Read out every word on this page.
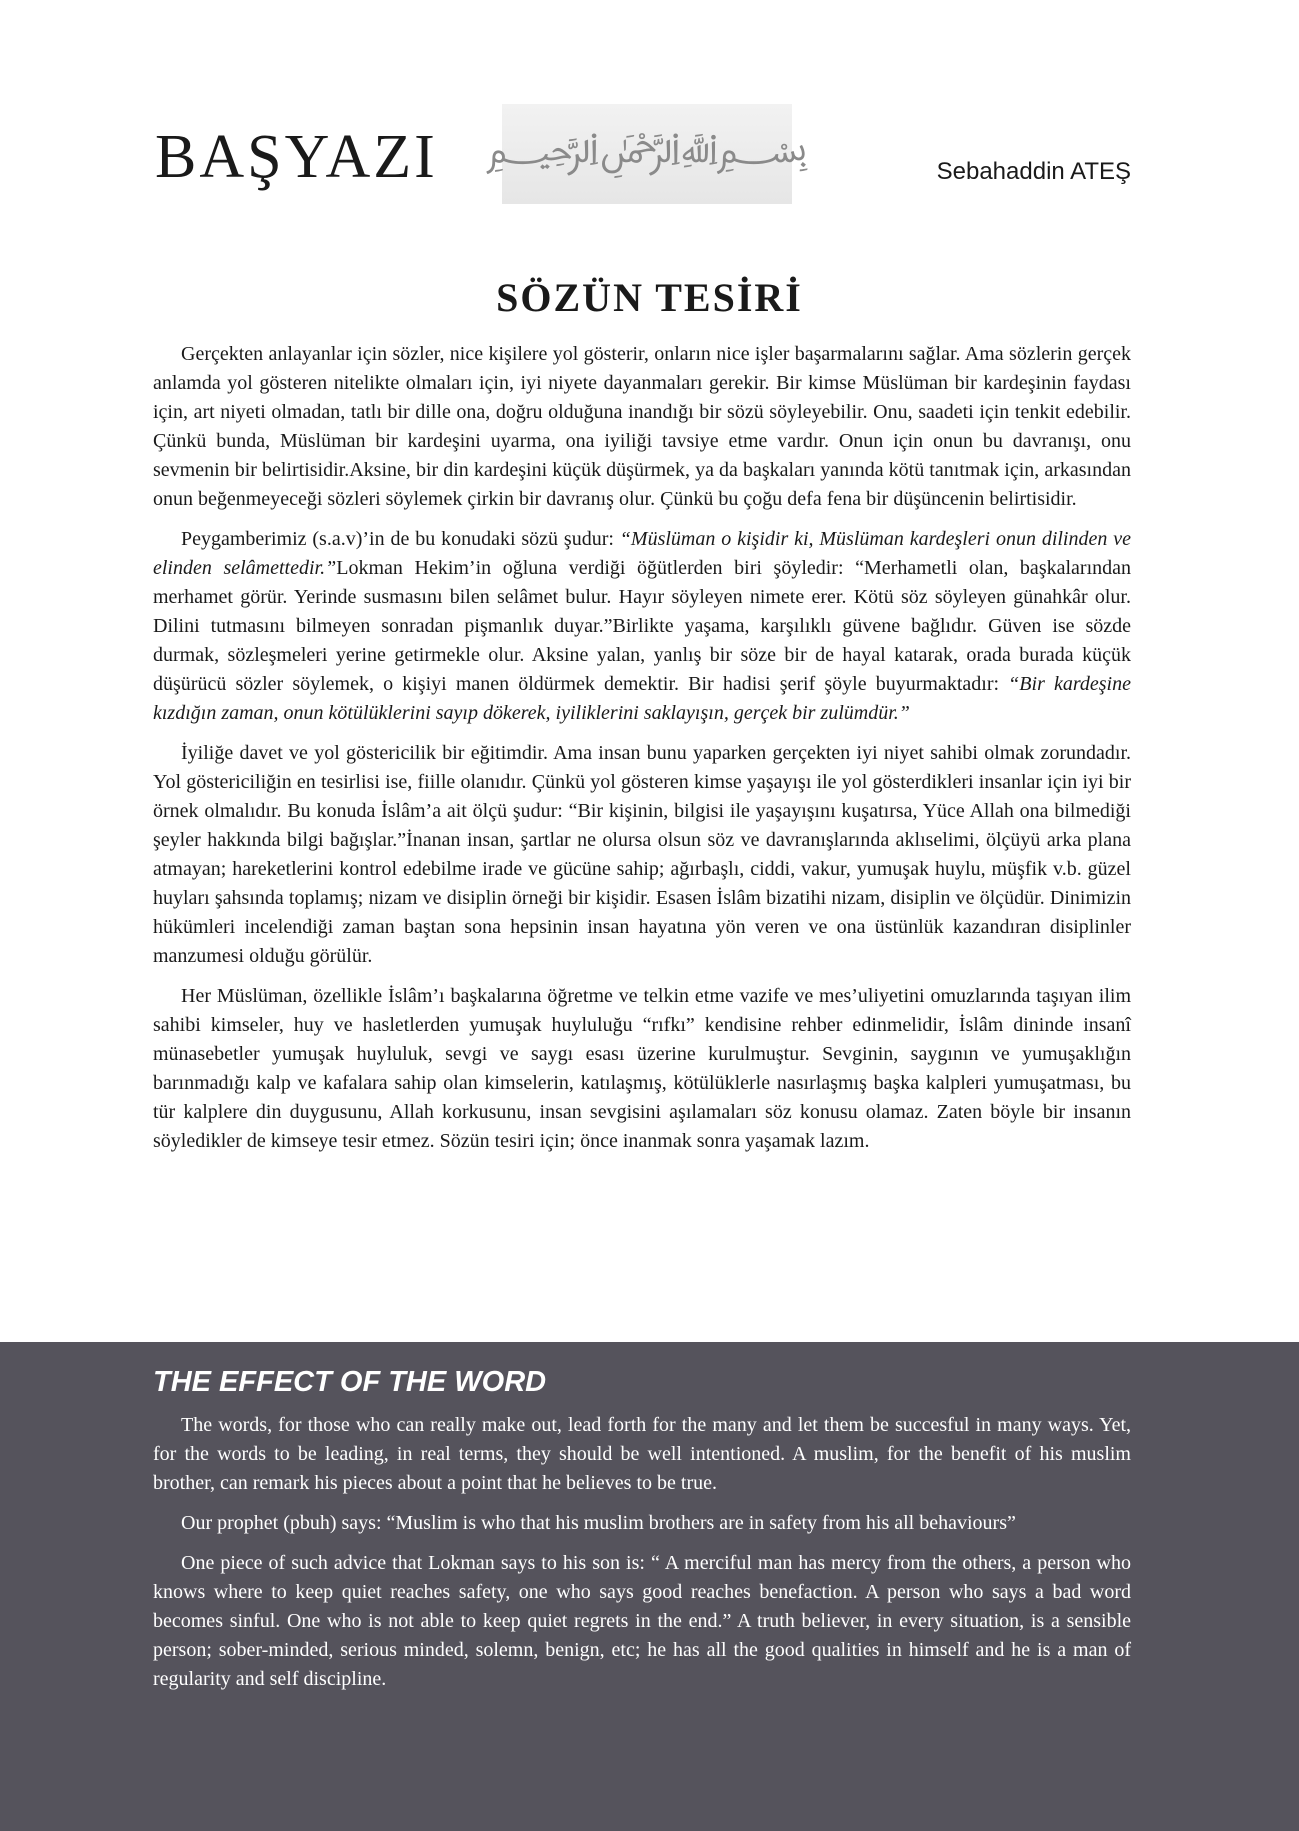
BAŞYAZI ﷽	Sebahaddin ATEŞ
SÖZÜN TESİRİ

Gerçekten anlayanlar için sözler, nice kişilere yol gösterir, onların nice işler başarmalarını sağlar. Ama sözlerin gerçek anlamda yol gösteren nitelikte olmaları için, iyi niyete dayanmaları gerekir. Bir kimse Müslüman bir kardeşinin faydası için, art niyeti olmadan, tatlı bir dille ona, doğru olduğuna inandığı bir sözü söyleyebilir. Onu, saadeti için tenkit edebilir. Çünkü bunda, Müslüman bir kardeşini uyarma, ona iyiliği tavsiye etme vardır. Onun için onun bu davranışı, onu sevmenin bir belirtisidir.Aksine, bir din kardeşini küçük düşürmek, ya da başkaları yanında kötü tanıtmak için, arkasından onun beğenmeyeceği sözleri söylemek çirkin bir davranış olur. Çünkü bu çoğu defa fena bir düşüncenin belirtisidir.

Peygamberimiz (s.a.v)’in de bu konudaki sözü şudur: “Müslüman o kişidir ki, Müslüman kardeşleri onun dilinden ve elinden selâmettedir.”Lokman Hekim’in oğluna verdiği öğütlerden biri şöyledir: “Merhametli olan, başkalarından merhamet görür. Yerinde susmasını bilen selâmet bulur. Hayır söyleyen nimete erer. Kötü söz söyleyen günahkâr olur. Dilini tutmasını bilmeyen sonradan pişmanlık duyar.”Birlikte yaşama, karşılıklı güvene bağlıdır. Güven ise sözde durmak, sözleşmeleri yerine getirmekle olur. Aksine yalan, yanlış bir söze bir de hayal katarak, orada burada küçük düşürücü sözler söylemek, o kişiyi manen öldürmek demektir. Bir hadisi şerif şöyle buyurmaktadır: “Bir kardeşine kızdığın zaman, onun kötülüklerini sayıp dökerek, iyiliklerini saklayışın, gerçek bir zulümdür.”

İyiliğe davet ve yol göstericilik bir eğitimdir. Ama insan bunu yaparken gerçekten iyi niyet sahibi olmak zorundadır. Yol göstericiliğin en tesirlisi ise, fiille olanıdır. Çünkü yol gösteren kimse yaşayışı ile yol gösterdikleri insanlar için iyi bir örnek olmalıdır. Bu konuda İslâm’a ait ölçü şudur: “Bir kişinin, bilgisi ile yaşayışını kuşatırsa, Yüce Allah ona bilmediği şeyler hakkında bilgi bağışlar.”İnanan insan, şartlar ne olursa olsun söz ve davranışlarında aklıselimi, ölçüyü arka plana atmayan; hareketlerini kontrol edebilme irade ve gücüne sahip; ağırbaşlı, ciddi, vakur, yumuşak huylu, müşfik v.b. güzel huyları şahsında toplamış; nizam ve disiplin örneği bir kişidir. Esasen İslâm bizatihi nizam, disiplin ve ölçüdür. Dinimizin hükümleri incelendiği zaman baştan sona hepsinin insan hayatına yön veren ve ona üstünlük kazandıran disiplinler manzumesi olduğu görülür.

Her Müslüman, özellikle İslâm’ı başkalarına öğretme ve telkin etme vazife ve mes’uliyetini omuzlarında taşıyan ilim sahibi kimseler, huy ve hasletlerden yumuşak huyluluğu “rıfkı” kendisine rehber edinmelidir, İslâm dininde insanî münasebetler yumuşak huyluluk, sevgi ve saygı esası üzerine kurulmuştur. Sevginin, saygının ve yumuşaklığın barınmadığı kalp ve kafalara sahip olan kimselerin, katılaşmış, kötülüklerle nasırlaşmış başka kalpleri yumuşatması, bu tür kalplere din duygusunu, Allah korkusunu, insan sevgisini aşılamaları söz konusu olamaz. Zaten böyle bir insanın söyledikler de kimseye tesir etmez. Sözün tesiri için; önce inanmak sonra yaşamak lazım.

THE EFFECT OF THE WORD

The words, for those who can really make out, lead forth for the many and let them be succesful in many ways. Yet, for the words to be leading, in real terms, they should be well intentioned. A muslim, for the benefit of his muslim brother, can remark his pieces about a point that he believes to be true.

Our prophet (pbuh) says: “Muslim is who that his muslim brothers are in safety from his all behaviours”

One piece of such advice that Lokman says to his son is: “ A merciful man has mercy from the others, a person who knows where to keep quiet reaches safety, one who says good reaches benefaction. A person who says a bad word becomes sinful. One who is not able to keep quiet regrets in the end.” A truth believer, in every situation, is a sensible person; sober-minded, serious minded, solemn, benign, etc; he has all the good qualities in himself and he is a man of regularity and self discipline.
